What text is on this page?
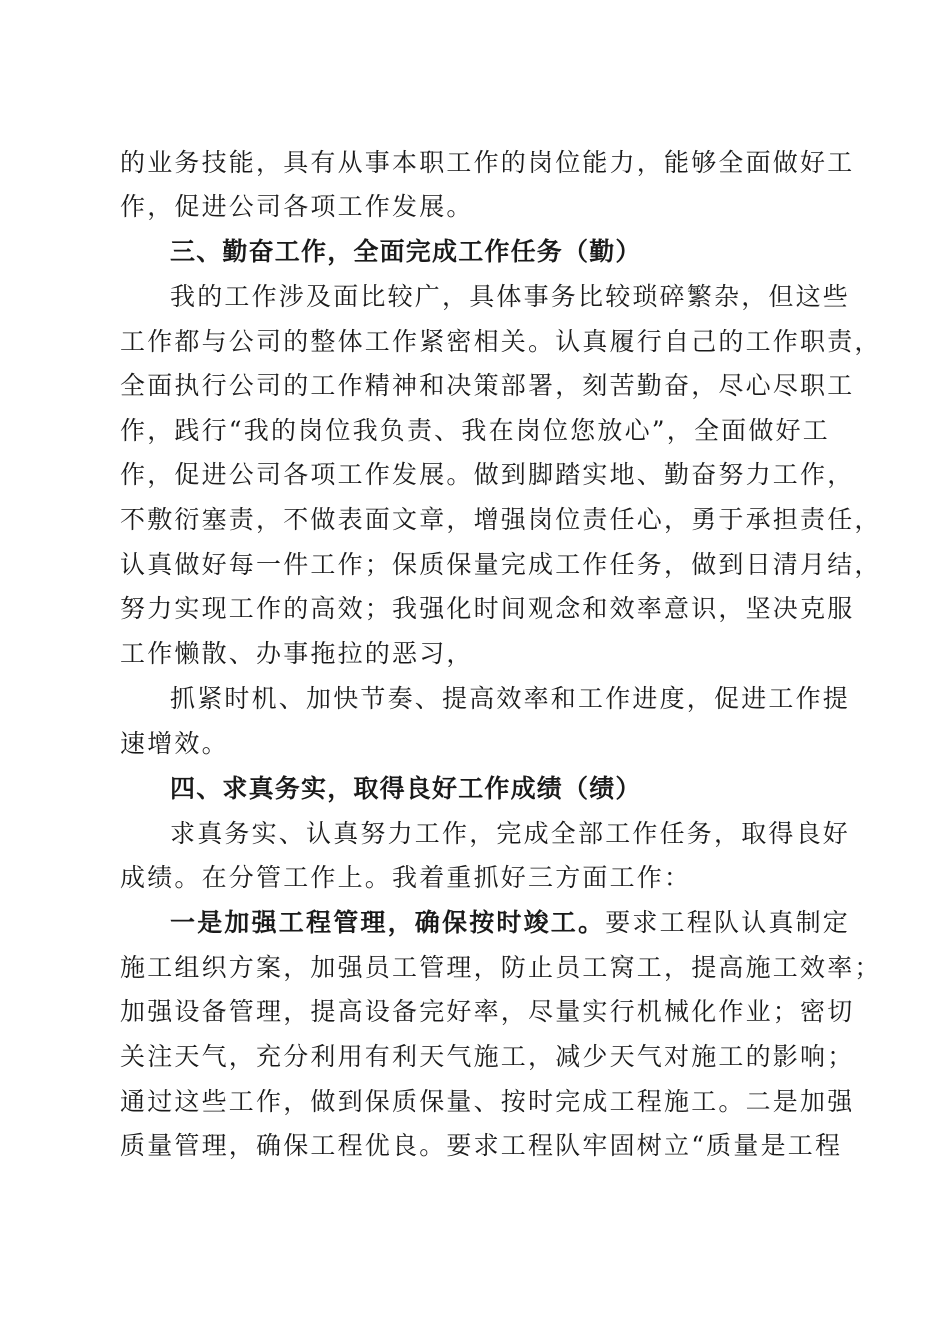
的业务技能，具有从事本职工作的岗位能力，能够全面做好工
作，促进公司各项工作发展。
三、勤奋工作，全面完成工作任务（勤）
我的工作涉及面比较广，具体事务比较琐碎繁杂，但这些
工作都与公司的整体工作紧密相关。认真履行自己的工作职责，
全面执行公司的工作精神和决策部署，刻苦勤奋，尽心尽职工
作，践行“我的岗位我负责、我在岗位您放心”，全面做好工
作，促进公司各项工作发展。做到脚踏实地、勤奋努力工作，
不敷衍塞责，不做表面文章，增强岗位责任心，勇于承担责任，
认真做好每一件工作；保质保量完成工作任务，做到日清月结，
努力实现工作的高效；我强化时间观念和效率意识，坚决克服
工作懒散、办事拖拉的恶习，
抓紧时机、加快节奏、提高效率和工作进度，促进工作提
速增效。
四、求真务实，取得良好工作成绩（绩）
求真务实、认真努力工作，完成全部工作任务，取得良好
成绩。在分管工作上。我着重抓好三方面工作：
一是加强工程管理，确保按时竣工。要求工程队认真制定
施工组织方案，加强员工管理，防止员工窝工，提高施工效率；
加强设备管理，提高设备完好率，尽量实行机械化作业；密切
关注天气，充分利用有利天气施工，减少天气对施工的影响；
通过这些工作，做到保质保量、按时完成工程施工。二是加强
质量管理，确保工程优良。要求工程队牢固树立“质量是工程
